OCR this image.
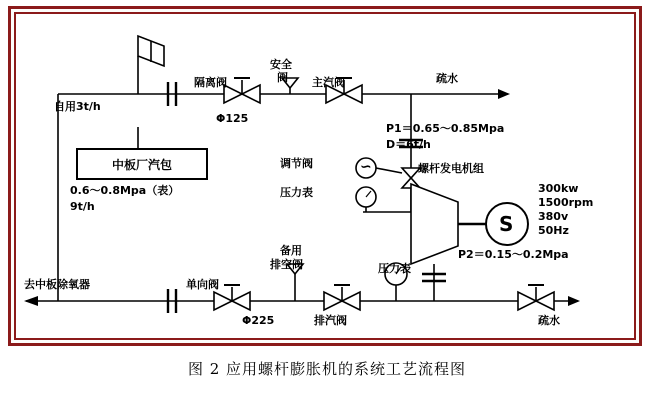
中板厂汽包
自用3t/h
隔离阀
安全
阀 主汽阀	疏水
Φ125
0.6～0.8Mpa（表）
9t/h
调节阀
压力表
压力表
P1＝0.65～0.85Mpa
D＝6t/h
螺杆发电机组
300kw
1500rpm
380v
50Hz
S
∽
P2＝0.15～0.2Mpa
去中板除氧器	单向阀
备用
排空阀
Φ225	排汽阀	疏水
图 2 应用螺杆膨胀机的系统工艺流程图
